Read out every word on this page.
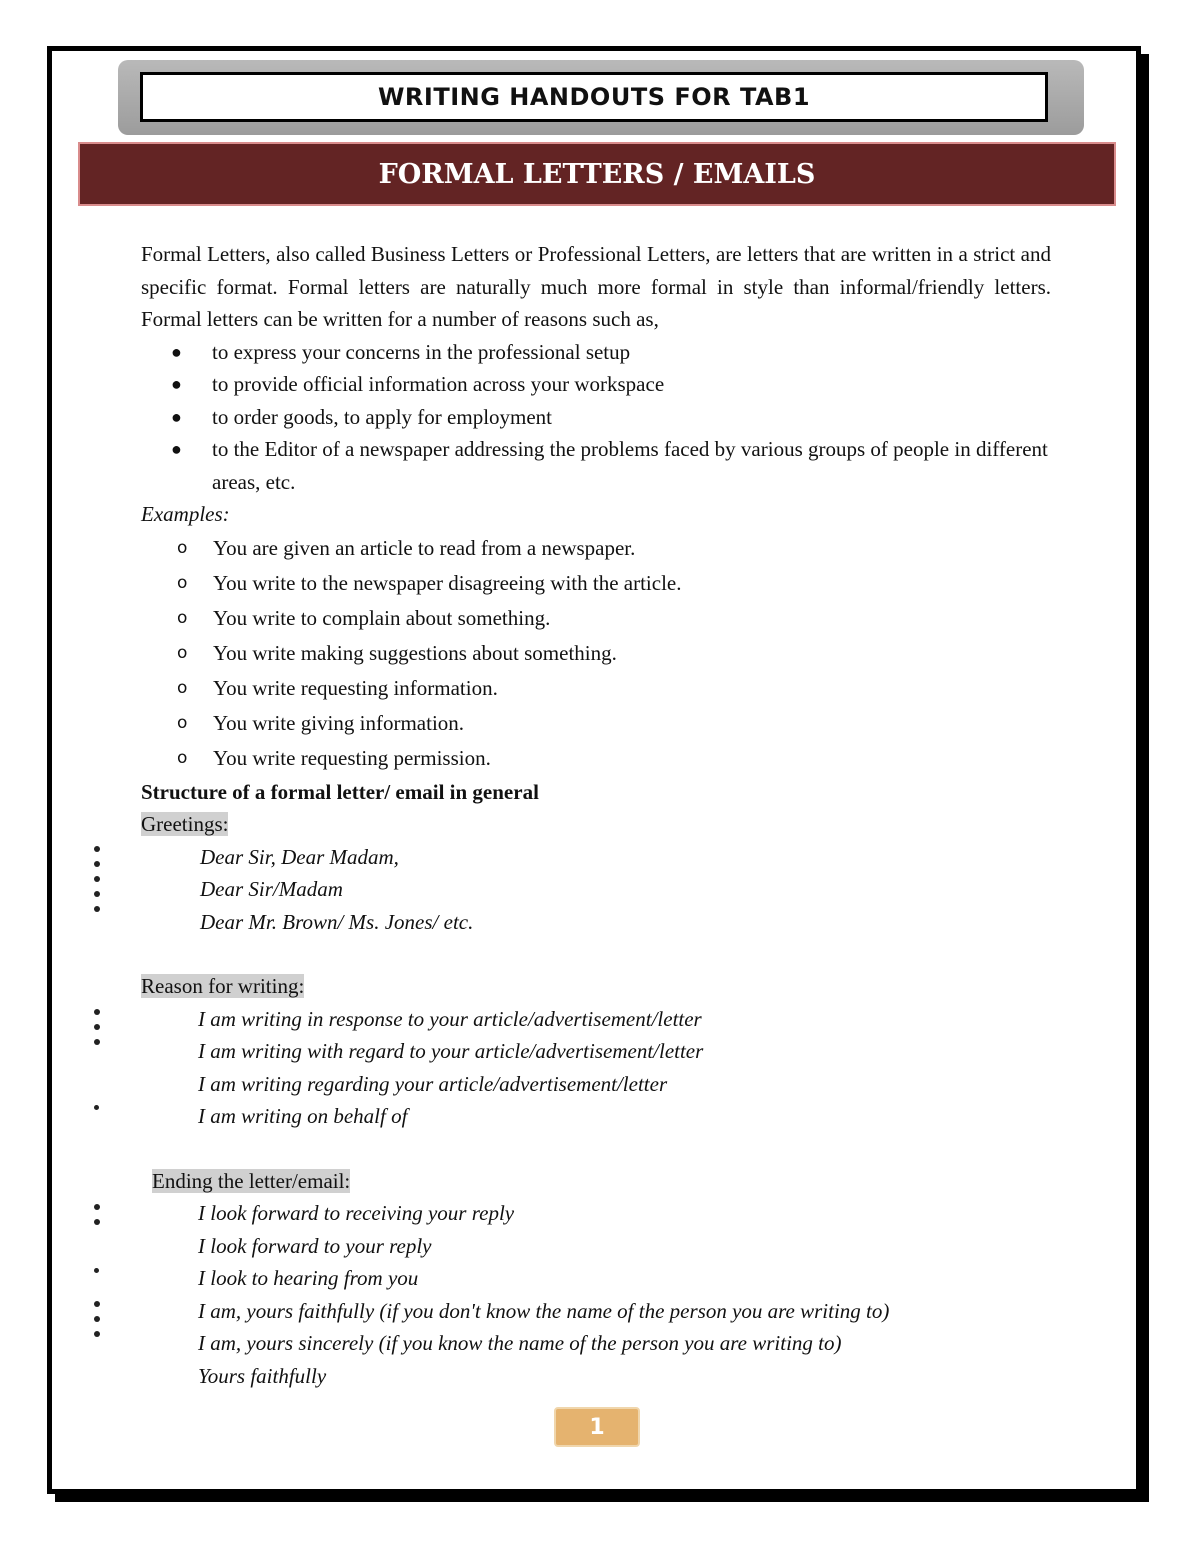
WRITING HANDOUTS FOR TAB1
FORMAL LETTERS / EMAILS

Formal Letters, also called Business Letters or Professional Letters, are letters that are written in a strict and specific format. Formal letters are naturally much more formal in style than informal/friendly letters. Formal letters can be written for a number of reasons such as,

● to express your concerns in the professional setup
● to provide official information across your workspace
● to order goods, to apply for employment
● to the Editor of a newspaper addressing the problems faced by various groups of people in different areas, etc.

Examples:

o You are given an article to read from a newspaper.
o You write to the newspaper disagreeing with the article.
o You write to complain about something.
o You write making suggestions about something.
o You write requesting information.
o You write giving information.
o You write requesting permission.

Structure of a formal letter/ email in general

Greetings:
Dear Sir, Dear Madam,
Dear Sir/Madam
Dear Mr. Brown/ Ms. Jones/ etc.
Reason for writing:
I am writing in response to your article/advertisement/letter
I am writing with regard to your article/advertisement/letter
I am writing regarding your article/advertisement/letter
I am writing on behalf of
Ending the letter/email:
I look forward to receiving your reply
I look forward to your reply
I look to hearing from you
I am, yours faithfully (if you don't know the name of the person you are writing to)
I am, yours sincerely (if you know the name of the person you are writing to)
Yours faithfully
1
